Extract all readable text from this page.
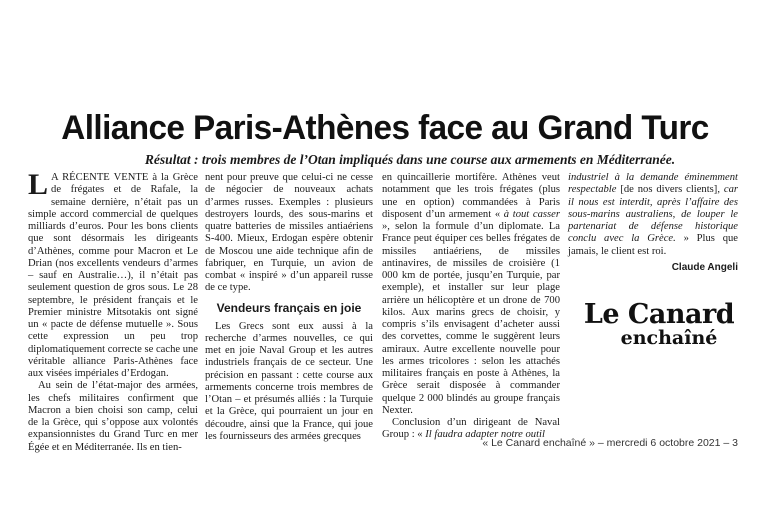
Alliance Paris-Athènes face au Grand Turc
Résultat : trois membres de l’Otan impliqués dans une course aux armements en Méditerranée.

L A RÉCENTE VENTE à la Grèce de frégates et de Rafale, la semaine dernière, n’était pas un simple accord commercial de quelques milliards d’euros. Pour les bons clients que sont désormais les dirigeants d’Athènes, comme pour Macron et Le Drian (nos excellents vendeurs d’armes – sauf en Australie…), il n’était pas seulement question de gros sous. Le 28 septembre, le président français et le Premier ministre Mitsotakis ont signé un « pacte de défense mutuelle ». Sous cette expression un peu trop diplomatiquement correcte se cache une véritable alliance Paris-Athènes face aux visées impériales d’Erdogan.

Au sein de l’état-major des armées, les chefs militaires confirment que Macron a bien choisi son camp, celui de la Grèce, qui s’oppose aux volontés expansionnistes du Grand Turc en mer Égée et en Méditerranée. Ils en tien-

nent pour preuve que celui-ci ne cesse de négocier de nouveaux achats d’armes russes. Exemples : plusieurs destroyers lourds, des sous-marins et quatre batteries de missiles antiaériens S-400. Mieux, Erdogan espère obtenir de Moscou une aide technique afin de fabriquer, en Turquie, un avion de combat « inspiré » d’un appareil russe de ce type.

Vendeurs français en joie

Les Grecs sont eux aussi à la recherche d’armes nouvelles, ce qui met en joie Naval Group et les autres industriels français de ce secteur. Une précision en passant : cette course aux armements concerne trois membres de l’Otan – et présumés alliés : la Turquie et la Grèce, qui pourraient un jour en découdre, ainsi que la France, qui joue les fournisseurs des armées grecques

en quincaillerie mortifère. Athènes veut notamment que les trois frégates (plus une en option) commandées à Paris disposent d’un armement « à tout casser », selon la formule d’un diplomate. La France peut équiper ces belles frégates de missiles antiaériens, de missiles antinavires, de missiles de croisière (1 000 km de portée, jusqu’en Turquie, par exemple), et installer sur leur plage arrière un hélicoptère et un drone de 700 kilos. Aux marins grecs de choisir, y compris s’ils envisagent d’acheter aussi des corvettes, comme le suggèrent leurs amiraux. Autre excellente nouvelle pour les armes tricolores : selon les attachés militaires français en poste à Athènes, la Grèce serait disposée à commander quelque 2 000 blindés au groupe français Nexter.

Conclusion d’un dirigeant de Naval Group : « Il faudra adapter notre outil

industriel à la demande éminemment respectable [de nos divers clients], car il nous est interdit, après l’affaire des sous-marins australiens, de louper le partenariat de défense historique conclu avec la Grèce. » Plus que jamais, le client est roi.

Claude Angeli
Le Canard
enchaîné
« Le Canard enchaîné » – mercredi 6 octobre 2021 – 3
